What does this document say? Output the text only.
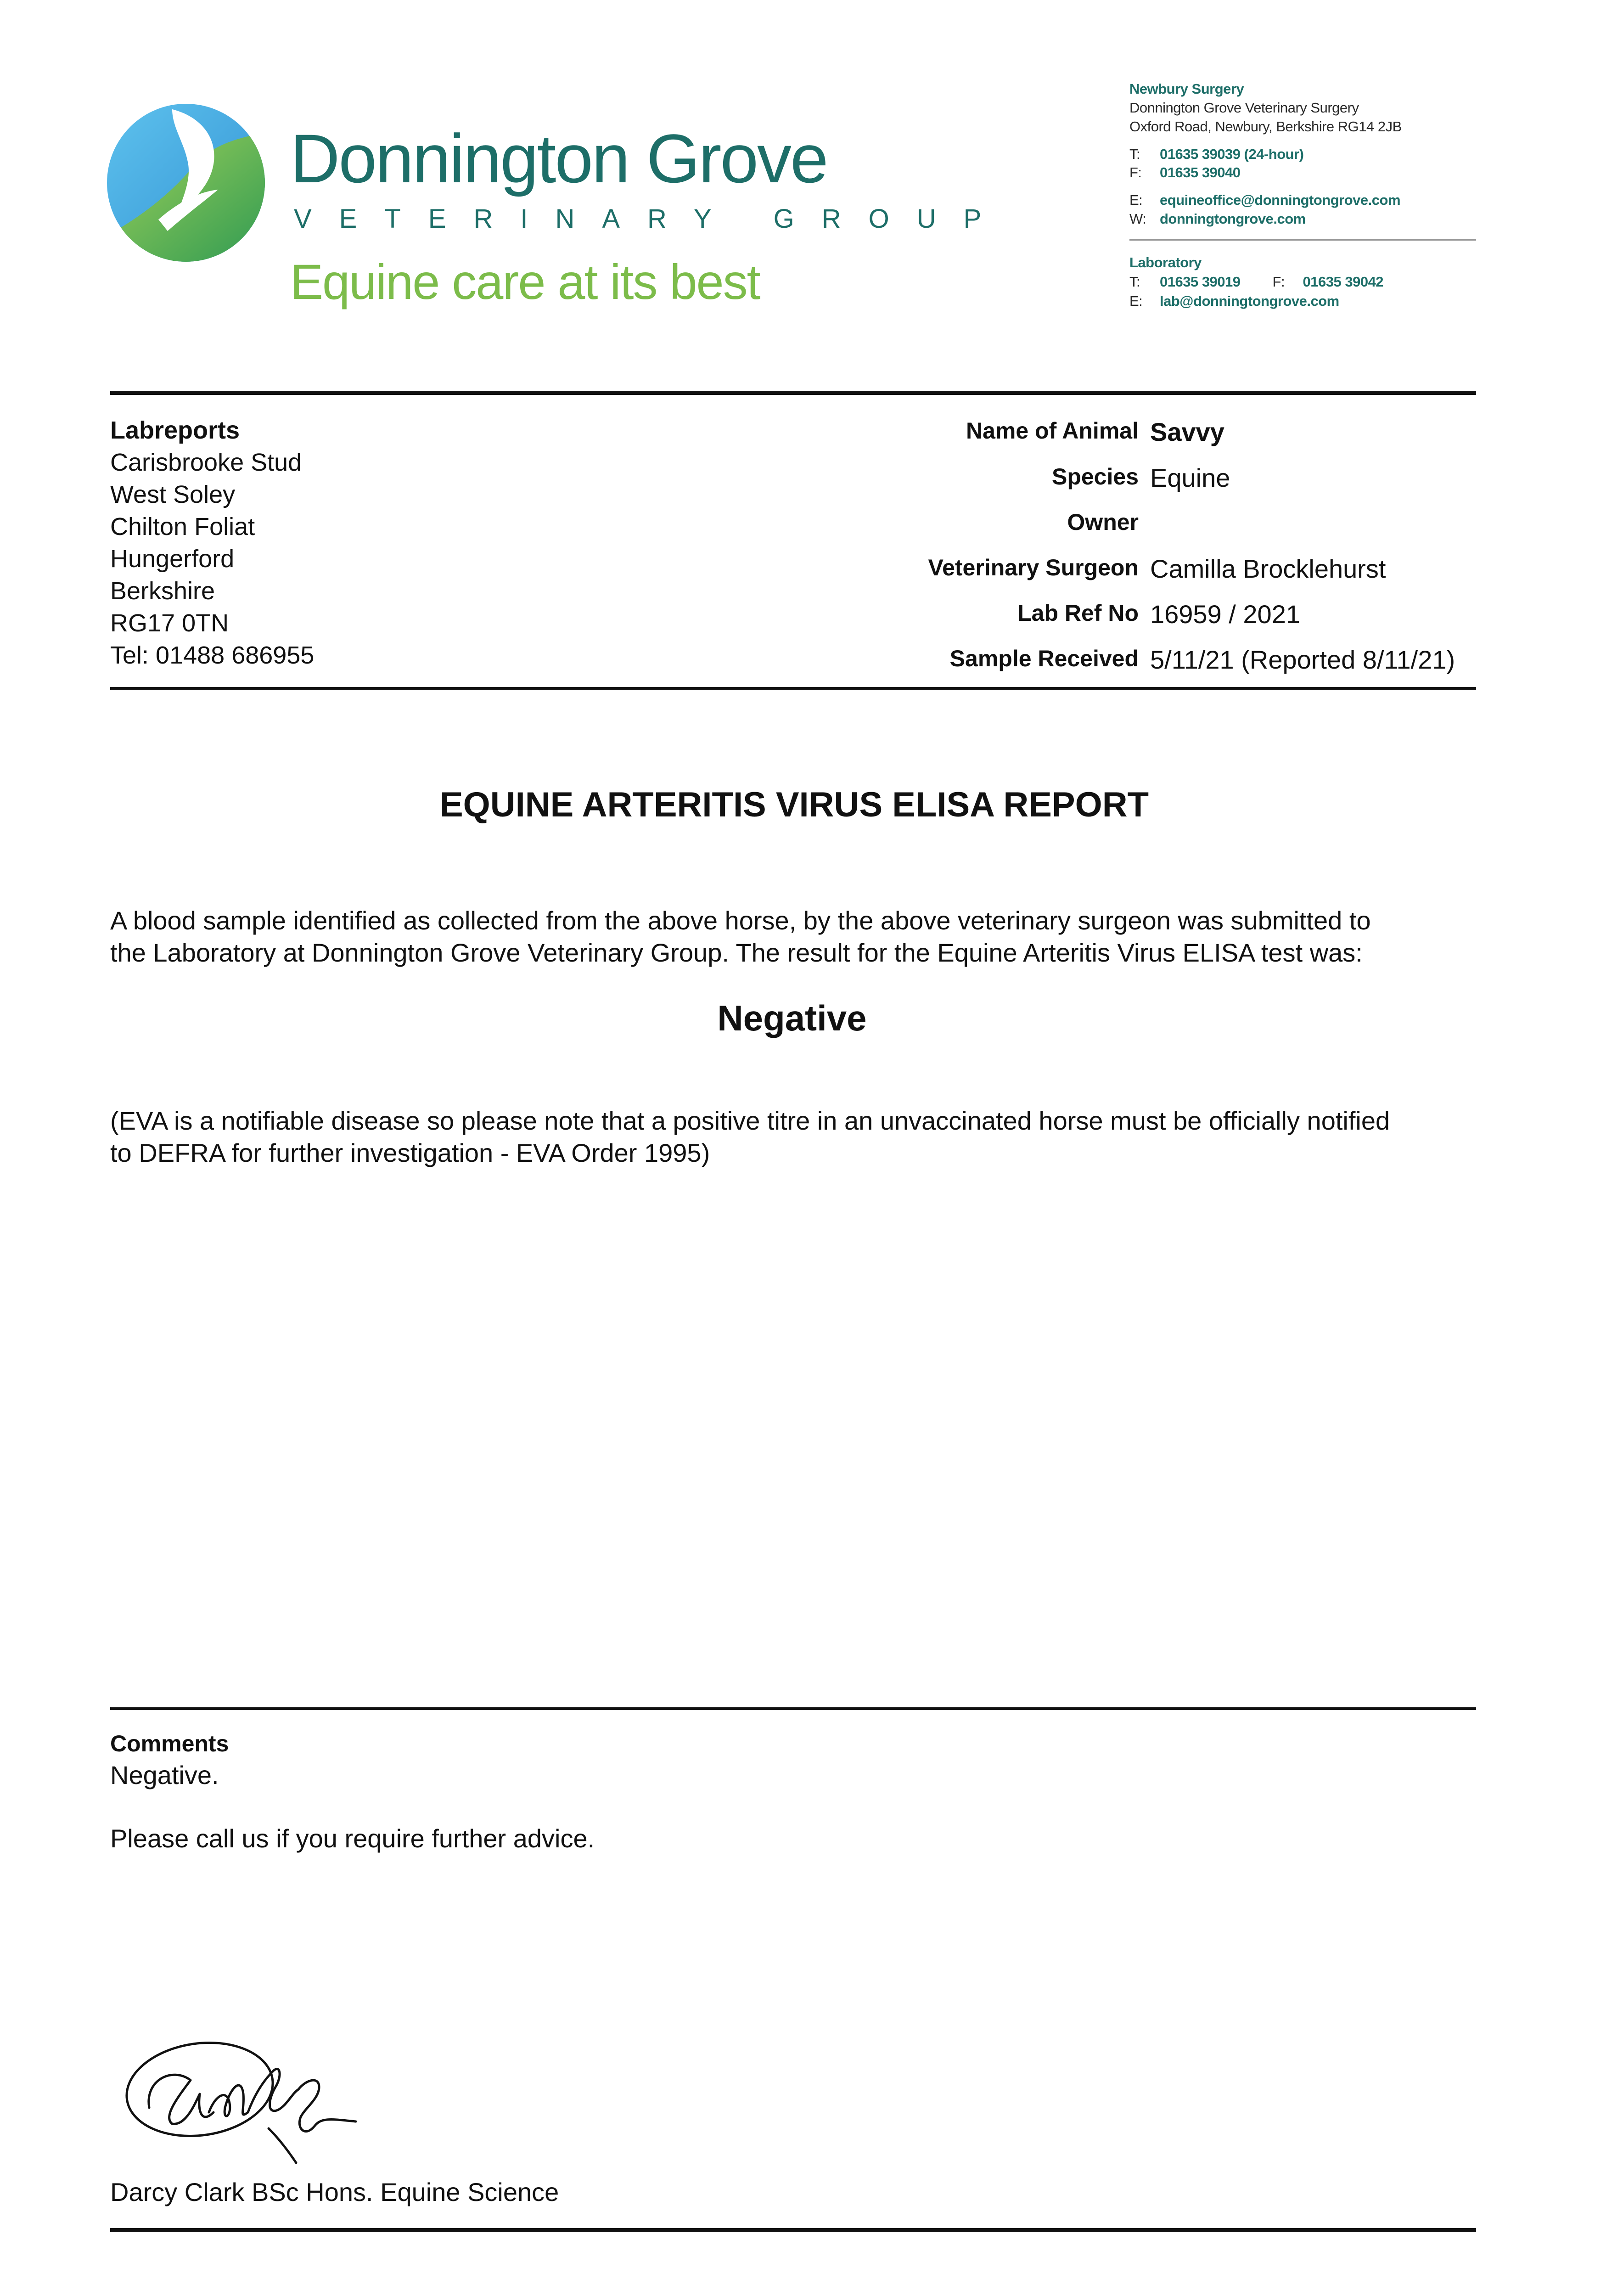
Donnington Grove
VETERINARY GROUP
Equine care at its best
Newbury Surgery
Donnington Grove Veterinary Surgery
Oxford Road, Newbury, Berkshire RG14 2JB
T: 01635 39039 (24-hour)
F: 01635 39040
E: equineoffice@donningtongrove.com
W: donningtongrove.com
Laboratory
T: 01635 39019 F: 01635 39042
E: lab@donningtongrove.com
Labreports
Carisbrooke Stud
West Soley
Chilton Foliat
Hungerford
Berkshire
RG17 0TN
Tel: 01488 686955
Name of Animal Savvy
Species Equine
Owner
Veterinary Surgeon Camilla Brocklehurst
Lab Ref No 16959 / 2021
Sample Received 5/11/21 (Reported 8/11/21)
EQUINE ARTERITIS VIRUS ELISA REPORT
A blood sample identified as collected from the above horse, by the above veterinary surgeon was submitted to
the Laboratory at Donnington Grove Veterinary Group. The result for the Equine Arteritis Virus ELISA test was:
Negative
(EVA is a notifiable disease so please note that a positive titre in an unvaccinated horse must be officially notified
to DEFRA for further investigation - EVA Order 1995)
Comments
Negative.
Please call us if you require further advice.
Darcy Clark BSc Hons. Equine Science
